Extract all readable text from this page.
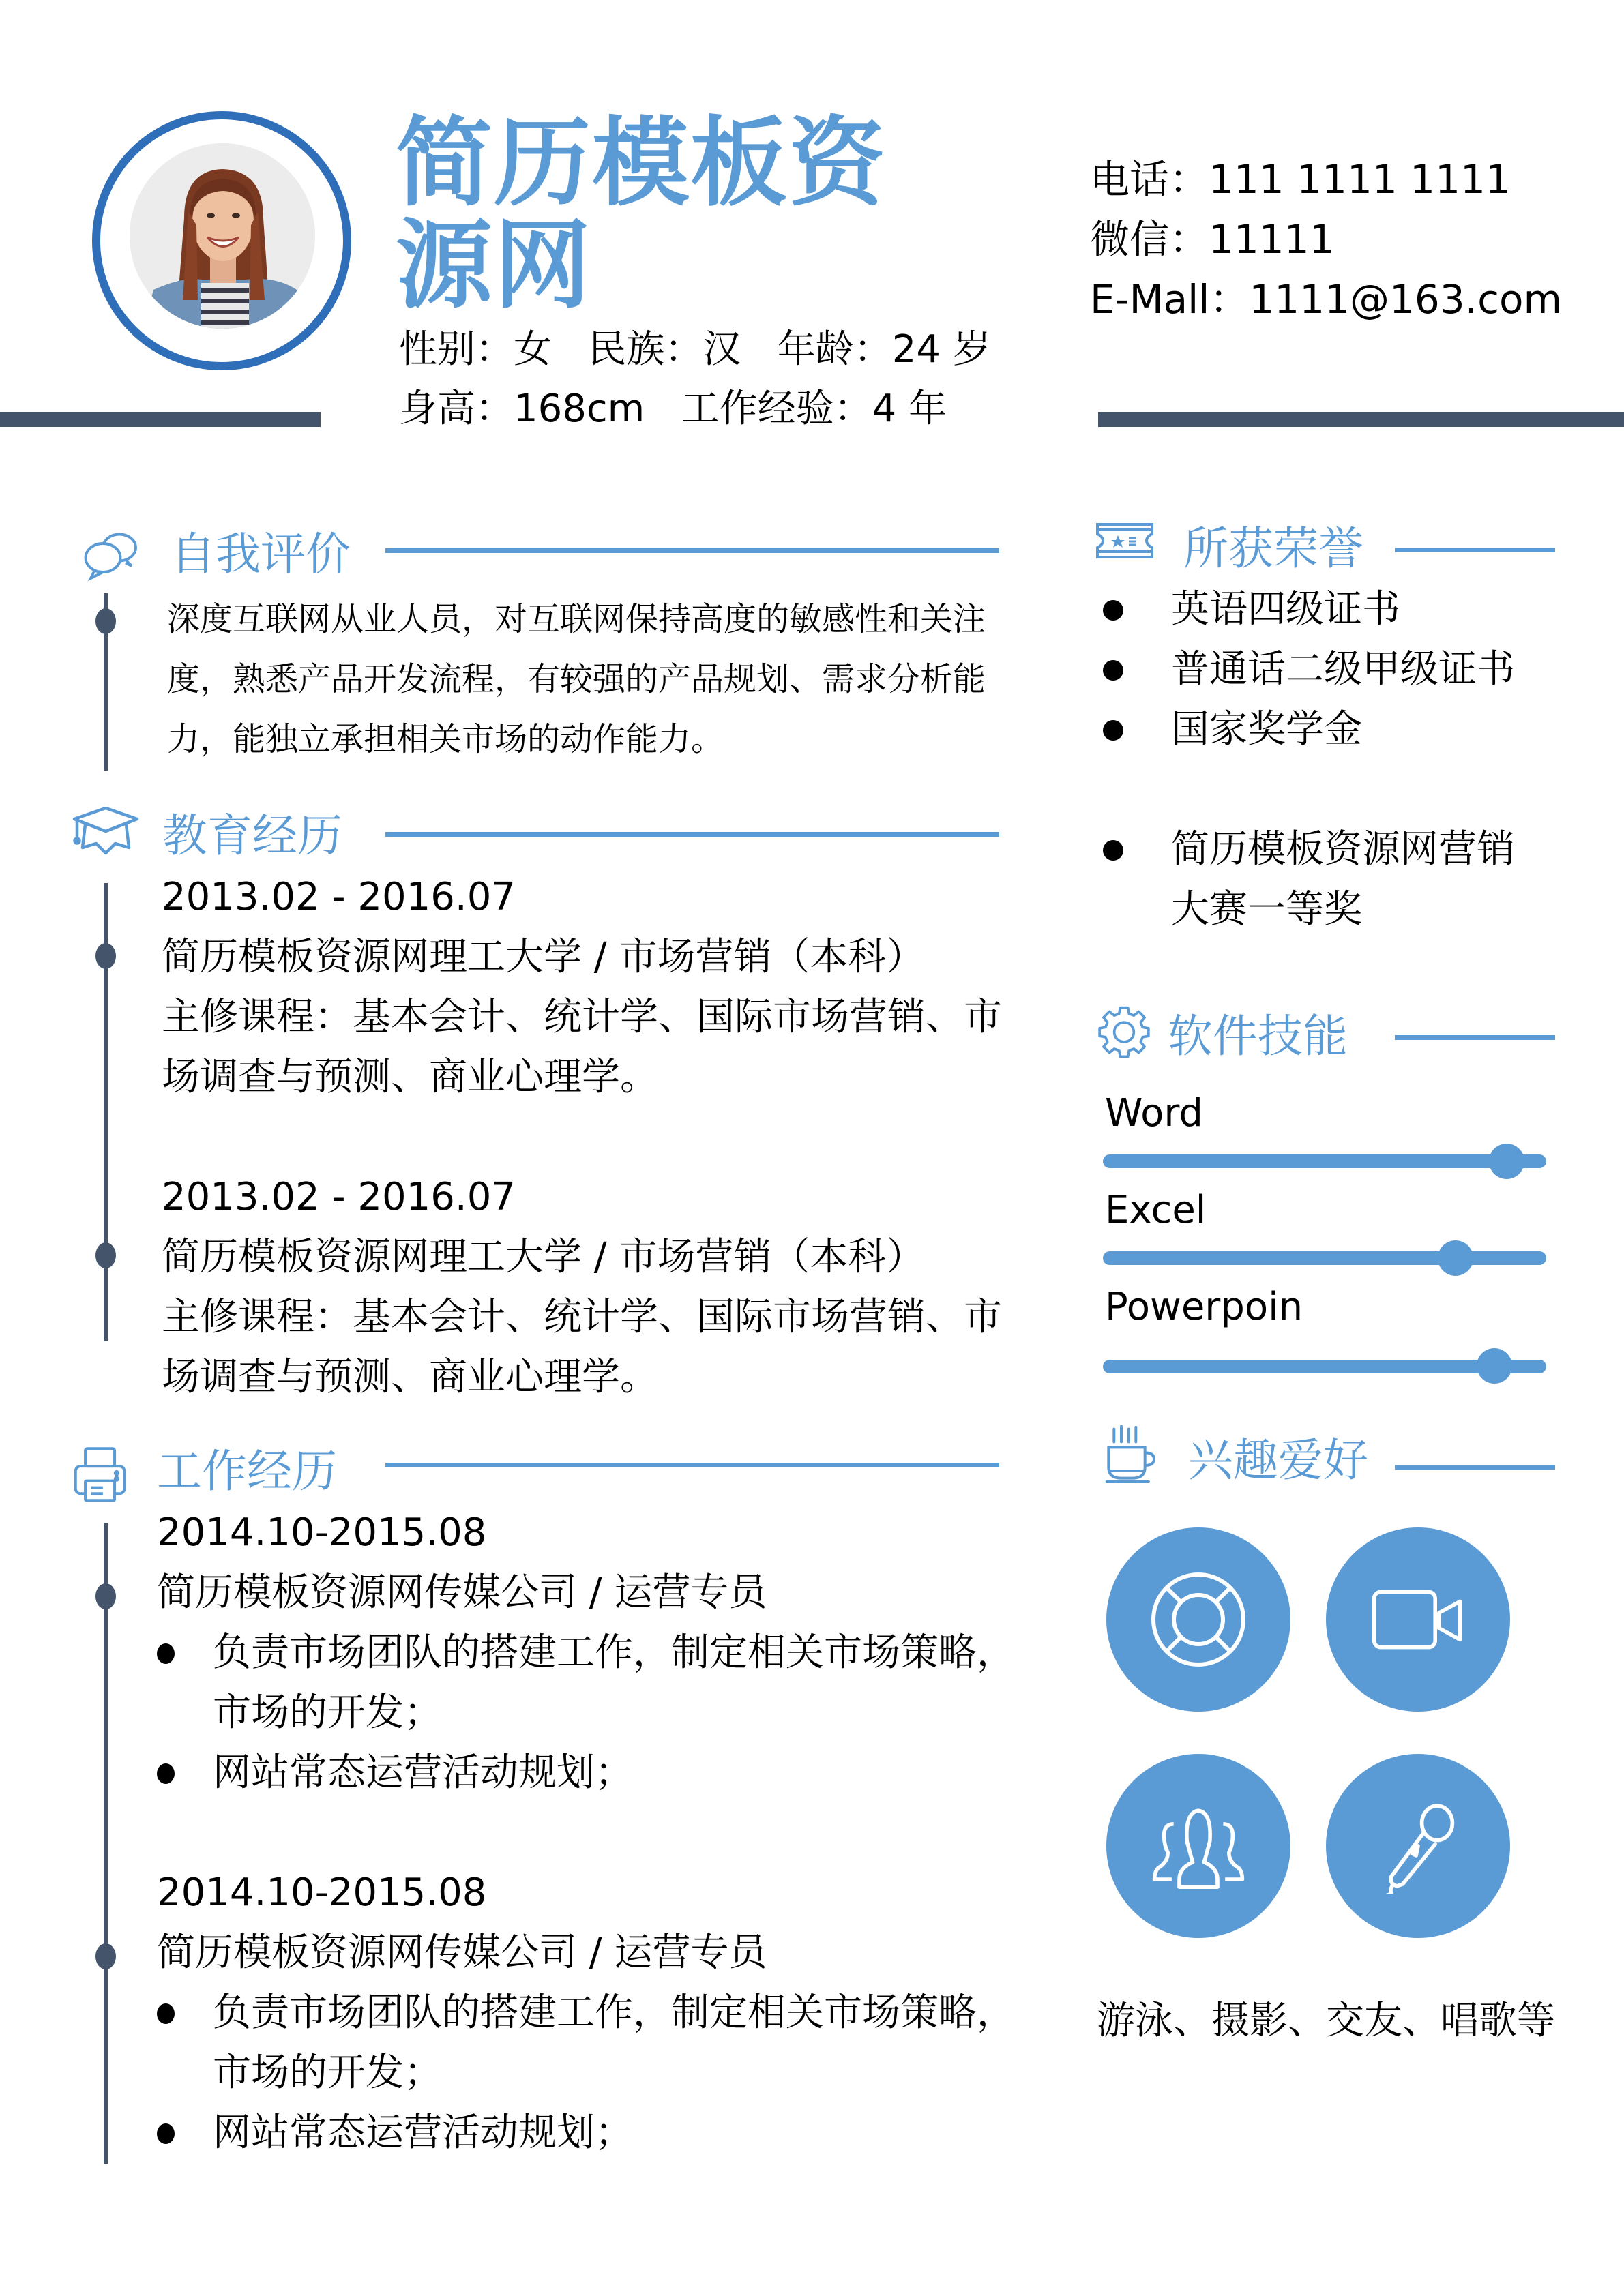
简历模板资
源网
性别：女   民族：汉   年龄：24 岁
身高：168cm   工作经验：4 年
电话：111 1111 1111
微信：11111
E-Mall：1111@163.com
自我评价
深度互联网从业人员，对互联网保持高度的敏感性和关注
度，熟悉产品开发流程，有较强的产品规划、需求分析能
力，能独立承担相关市场的动作能力。
教育经历
2013.02 - 2016.07
简历模板资源网理工大学 / 市场营销（本科）
主修课程：基本会计、统计学、国际市场营销、市
场调查与预测、商业心理学。
2013.02 - 2016.07
简历模板资源网理工大学 / 市场营销（本科）
主修课程：基本会计、统计学、国际市场营销、市
场调查与预测、商业心理学。
工作经历
2014.10-2015.08
简历模板资源网传媒公司 / 运营专员
负责市场团队的搭建工作，制定相关市场策略，
市场的开发；
网站常态运营活动规划；
2014.10-2015.08
简历模板资源网传媒公司 / 运营专员
负责市场团队的搭建工作，制定相关市场策略，
市场的开发；
网站常态运营活动规划；
所获荣誉
英语四级证书
普通话二级甲级证书
国家奖学金
简历模板资源网营销
大赛一等奖
软件技能
Word
Excel
Powerpoin
兴趣爱好
游泳、摄影、交友、唱歌等
